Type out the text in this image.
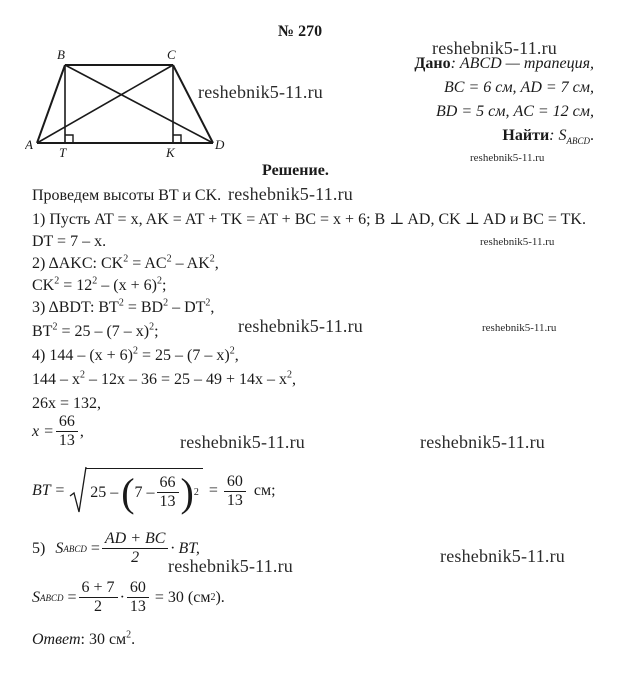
№ 270
B	C
A
T	K
D
Дано: ABCD — трапеция,
BC = 6 см, AD = 7 см,
BD = 5 см, AC = 12 см,
Найти: $S_{ABCD}$.
Решение.
Проведем высоты BT и CK.
1) Пусть AT = x, AK = AT + TK = AT + BC = x + 6; B ⊥ AD, CK ⊥ AD и BC = TK.
DT = 7 – x.
2) ΔAKC: $CK^2 = AC^2 - AK^2$,
$CK^2 = 12^2 - (x + 6)^2$;
3) ΔBDT: $BT^2 = BD^2 - DT^2$,
$BT^2 = 25 - (7 - x)^2$;
4) $144 - (x + 6)^2 = 25 - (7 - x)^2$,
$144 - x^2 - 12x - 36 = 25 - 49 + 14x - x^2$,
26x = 132,
$x = \frac{66}{13}$ ,
BT = 25 – ( $7 - \frac{66}{13}$ ) $2 = \frac{60}{13}$ см;
5) S ABCD = $\frac{AD + BC}{2}$ · BT,
S ABCD = $\frac{6 + 7}{2} \cdot \frac{60}{13} = 30$ (см 2 ).
Ответ: 30 $см^2$.
reshebnik5-11.ru
reshebnik5-11.ru
reshebnik5-11.ru
reshebnik5-11.ru
reshebnik5-11.ru
reshebnik5-11.ru	reshebnik5-11.ru
reshebnik5-11.ru	reshebnik5-11.ru
reshebnik5-11.ru	reshebnik5-11.ru
